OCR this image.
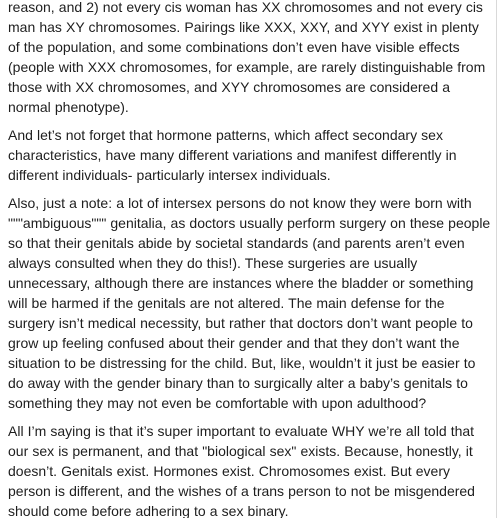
reason, and 2) not every cis woman has XX chromosomes and not every cis man has XY chromosomes. Pairings like XXX, XXY, and XYY exist in plenty of the population, and some combinations don’t even have visible effects (people with XXX chromosomes, for example, are rarely distinguishable from those with XX chromosomes, and XYY chromosomes are considered a normal phenotype).

And let’s not forget that hormone patterns, which affect secondary sex characteristics, have many different variations and manifest differently in different individuals- particularly intersex individuals.

Also, just a note: a lot of intersex persons do not know they were born with """ambiguous""" genitalia, as doctors usually perform surgery on these people so that their genitals abide by societal standards (and parents aren’t even always consulted when they do this!). These surgeries are usually unnecessary, although there are instances where the bladder or something will be harmed if the genitals are not altered. The main defense for the surgery isn’t medical necessity, but rather that doctors don’t want people to grow up feeling confused about their gender and that they don’t want the situation to be distressing for the child. But, like, wouldn’t it just be easier to do away with the gender binary than to surgically alter a baby’s genitals to something they may not even be comfortable with upon adulthood?

All I’m saying is that it’s super important to evaluate WHY we’re all told that our sex is permanent, and that "biological sex" exists. Because, honestly, it doesn’t. Genitals exist. Hormones exist. Chromosomes exist. But every person is different, and the wishes of a trans person to not be misgendered should come before adhering to a sex binary.
